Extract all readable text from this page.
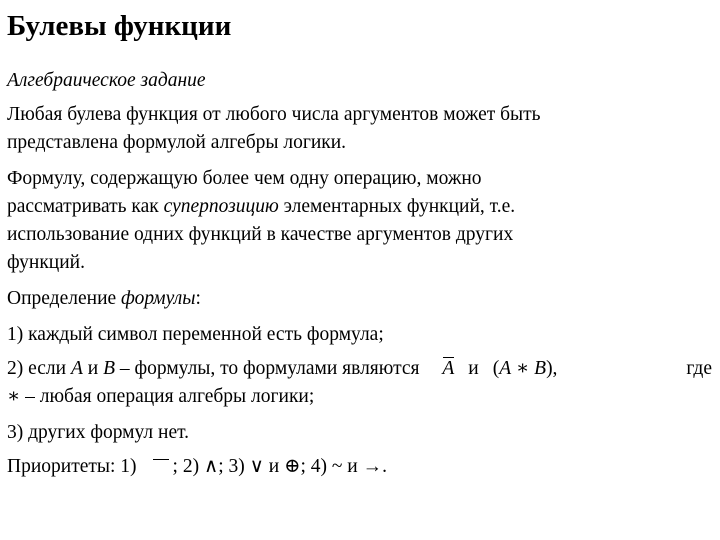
Булевы функции
Алгебраическое задание
Любая булева функция от любого числа аргументов может быть
представлена формулой алгебры логики.
Формулу, содержащую более чем одну операцию, можно
рассматривать как суперпозицию элементарных функций, т.е.
использование одних функций в качестве аргументов других
функций.
Определение формулы:
1) каждый символ переменной есть формула;
2) если A и B – формулы, то формулами являются A и (A ∗ B),	где
∗ – любая операция алгебры логики;
3) других формул нет.
Приоритеты: 1) ; 2) ∧; 3) ∨ и ⊕; 4) ~ и →.
